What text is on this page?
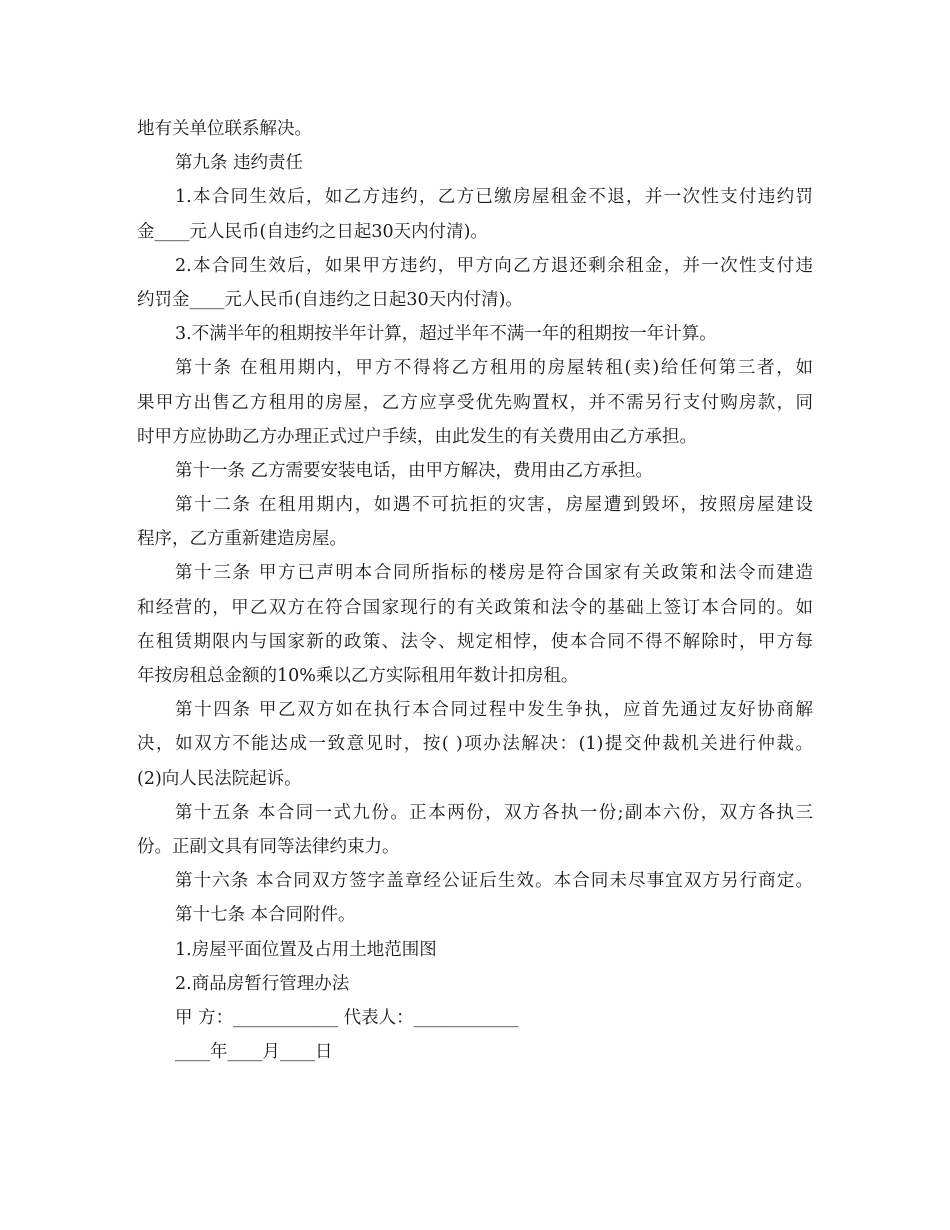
地有关单位联系解决。
第九条 违约责任
1.本合同生效后，如乙方违约，乙方已缴房屋租金不退，并一次性支付违约罚
金____元人民币(自违约之日起30天内付清)。
2.本合同生效后，如果甲方违约，甲方向乙方退还剩余租金，并一次性支付违
约罚金____元人民币(自违约之日起30天内付清)。
3.不满半年的租期按半年计算，超过半年不满一年的租期按一年计算。
第十条 在租用期内，甲方不得将乙方租用的房屋转租(卖)给任何第三者，如
果甲方出售乙方租用的房屋，乙方应享受优先购置权，并不需另行支付购房款，同
时甲方应协助乙方办理正式过户手续，由此发生的有关费用由乙方承担。
第十一条 乙方需要安装电话，由甲方解决，费用由乙方承担。
第十二条 在租用期内，如遇不可抗拒的灾害，房屋遭到毁坏，按照房屋建设
程序，乙方重新建造房屋。
第十三条 甲方已声明本合同所指标的楼房是符合国家有关政策和法令而建造
和经营的，甲乙双方在符合国家现行的有关政策和法令的基础上签订本合同的。如
在租赁期限内与国家新的政策、法令、规定相悖，使本合同不得不解除时，甲方每
年按房租总金额的10%乘以乙方实际租用年数计扣房租。
第十四条 甲乙双方如在执行本合同过程中发生争执，应首先通过友好协商解
决，如双方不能达成一致意见时，按( )项办法解决：(1)提交仲裁机关进行仲裁。
(2)向人民法院起诉。
第十五条 本合同一式九份。正本两份，双方各执一份;副本六份，双方各执三
份。正副文具有同等法律约束力。
第十六条 本合同双方签字盖章经公证后生效。本合同未尽事宜双方另行商定。
第十七条 本合同附件。
1.房屋平面位置及占用土地范围图
2.商品房暂行管理办法
甲 方：____________ 代表人：____________
____年____月____日
